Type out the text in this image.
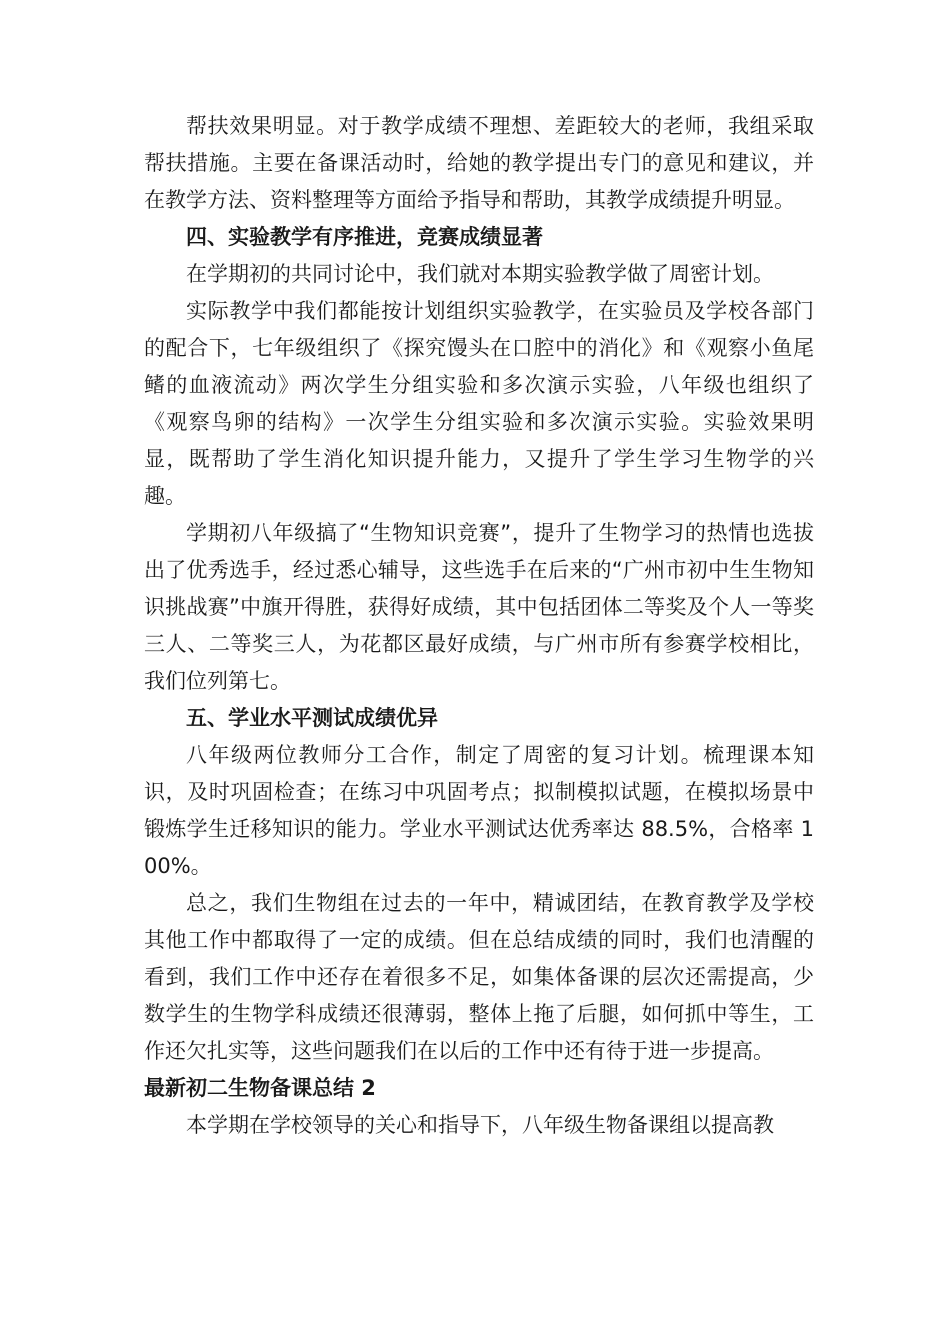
帮扶效果明显。对于教学成绩不理想、差距较大的老师，我组采取帮扶措施。主要在备课活动时，给她的教学提出专门的意见和建议，并在教学方法、资料整理等方面给予指导和帮助，其教学成绩提升明显。

四、实验教学有序推进，竞赛成绩显著

在学期初的共同讨论中，我们就对本期实验教学做了周密计划。

实际教学中我们都能按计划组织实验教学，在实验员及学校各部门的配合下，七年级组织了《探究馒头在口腔中的消化》和《观察小鱼尾鳍的血液流动》两次学生分组实验和多次演示实验，八年级也组织了《观察鸟卵的结构》一次学生分组实验和多次演示实验。实验效果明显，既帮助了学生消化知识提升能力，又提升了学生学习生物学的兴趣。

学期初八年级搞了“生物知识竞赛”，提升了生物学习的热情也选拔出了优秀选手，经过悉心辅导，这些选手在后来的“广州市初中生生物知识挑战赛”中旗开得胜，获得好成绩，其中包括团体二等奖及个人一等奖三人、二等奖三人，为花都区最好成绩，与广州市所有参赛学校相比，我们位列第七。

五、学业水平测试成绩优异

八年级两位教师分工合作，制定了周密的复习计划。梳理课本知识，及时巩固检查；在练习中巩固考点；拟制模拟试题，在模拟场景中锻炼学生迁移知识的能力。学业水平测试达优秀率达 88.5%，合格率 100%。

总之，我们生物组在过去的一年中，精诚团结，在教育教学及学校其他工作中都取得了一定的成绩。但在总结成绩的同时，我们也清醒的看到，我们工作中还存在着很多不足，如集体备课的层次还需提高，少数学生的生物学科成绩还很薄弱，整体上拖了后腿，如何抓中等生，工作还欠扎实等，这些问题我们在以后的工作中还有待于进一步提高。

最新初二生物备课总结 2

本学期在学校领导的关心和指导下，八年级生物备课组以提高教
